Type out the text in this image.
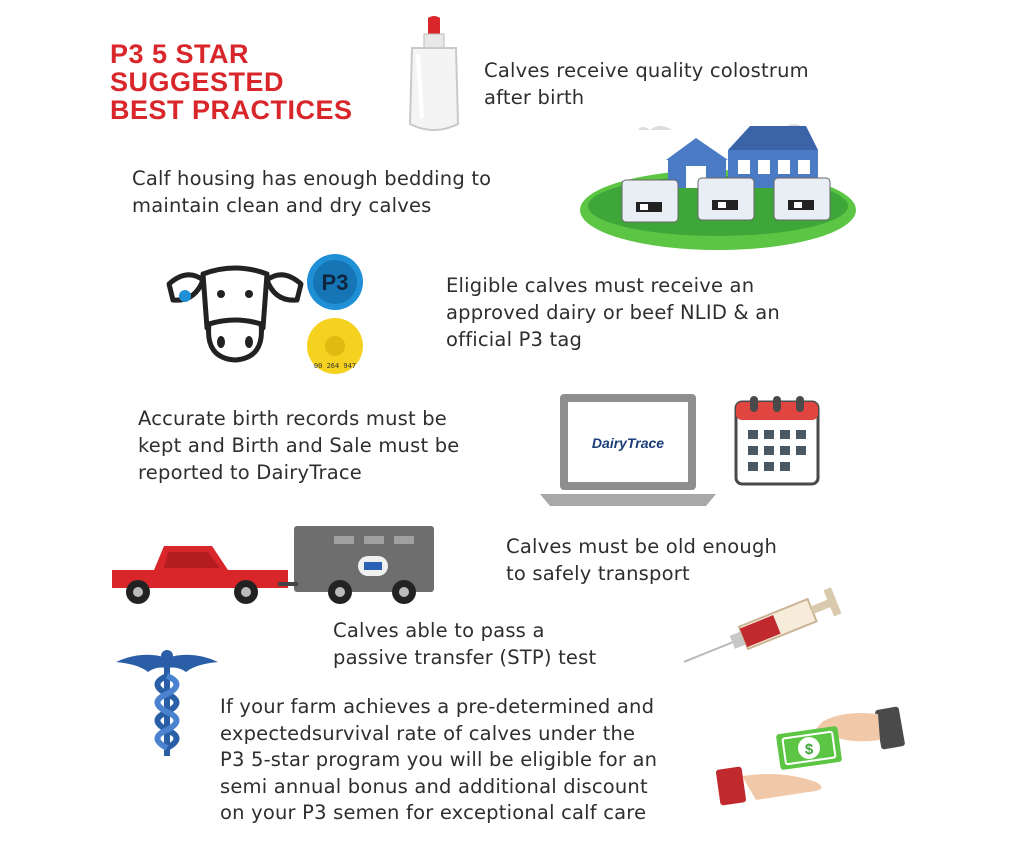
P3 5 STAR
SUGGESTED
BEST PRACTICES
Calves receive quality colostrum
after birth
Calf housing has enough bedding to
maintain clean and dry calves
P3
00 264 947
Eligible calves must receive an
approved dairy or beef NLID & an
official P3 tag
Accurate birth records must be
kept and Birth and Sale must be
reported to DairyTrace
DairyTrace
Calves must be old enough
to safely transport
Calves able to pass a
passive transfer (STP) test
If your farm achieves a pre-determined and
expectedsurvival rate of calves under the
P3 5-star program you will be eligible for an
semi annual bonus and additional discount
on your P3 semen for exceptional calf care
$
